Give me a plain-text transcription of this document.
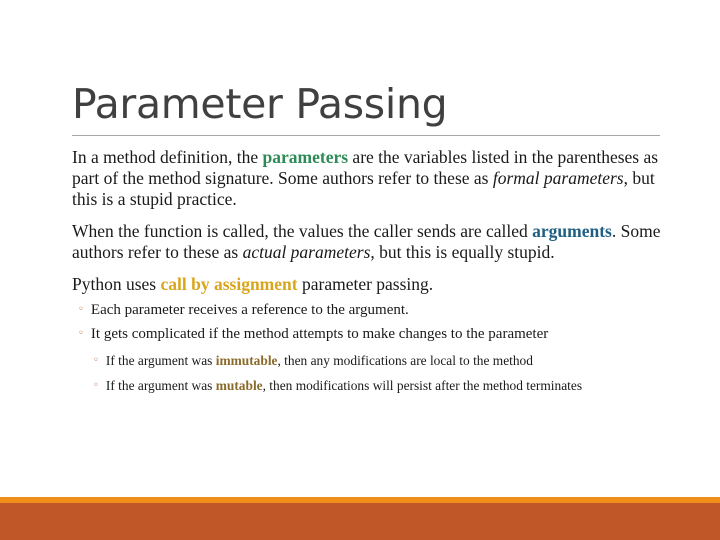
Parameter Passing

In a method definition, the parameters are the variables listed in the parentheses as part of the method signature. Some authors refer to these as formal parameters, but this is a stupid practice.

When the function is called, the values the caller sends are called arguments. Some authors refer to these as actual parameters, but this is equally stupid.

Python uses call by assignment parameter passing.

◦ Each parameter receives a reference to the argument.
◦ It gets complicated if the method attempts to make changes to the parameter
◦ If the argument was immutable, then any modifications are local to the method
◦ If the argument was mutable, then modifications will persist after the method terminates
